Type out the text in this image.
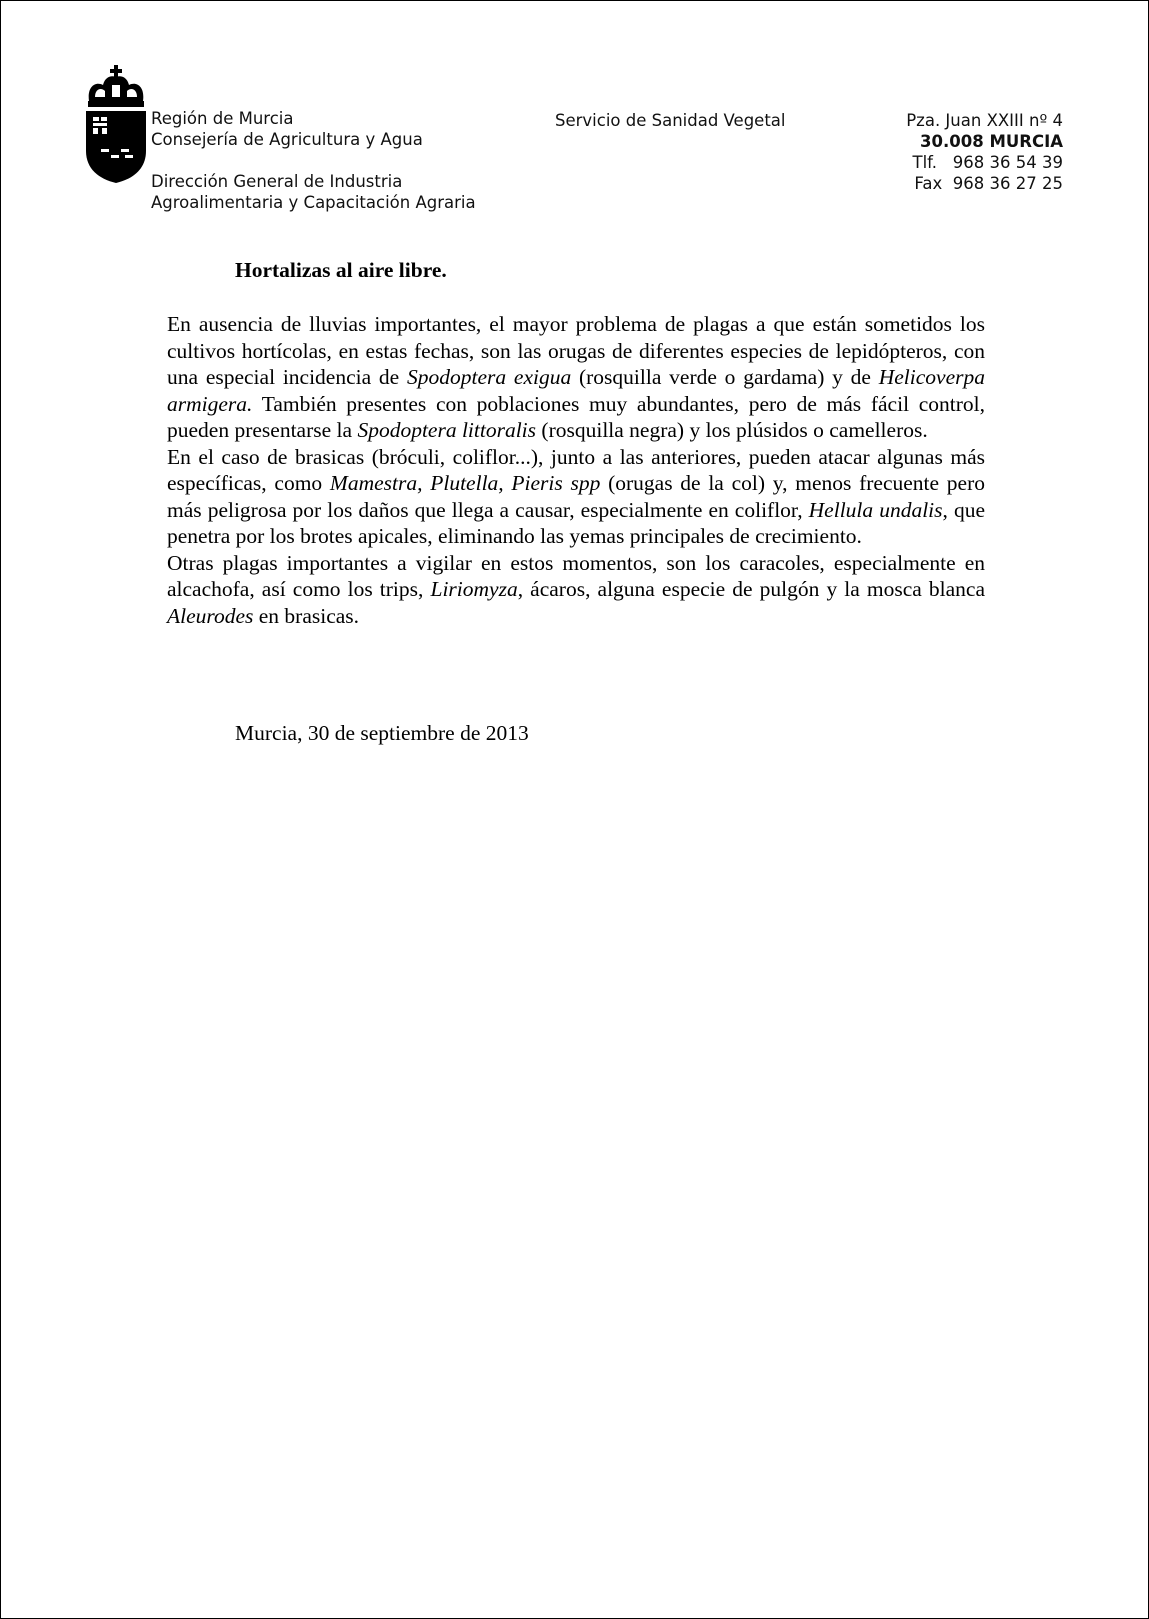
Región de Murcia
Consejería de Agricultura y Agua
Dirección General de Industria
Agroalimentaria y Capacitación Agraria
Servicio de Sanidad Vegetal	Pza. Juan XXIII nº 4
30.008 MURCIA
Tlf. 968 36 54 39
Fax 968 36 27 25
Hortalizas al aire libre.

En ausencia de lluvias importantes, el mayor problema de plagas a que están sometidos los cultivos hortícolas, en estas fechas, son las orugas de diferentes especies de lepidópteros, con una especial incidencia de Spodoptera exigua (rosquilla verde o gardama) y de Helicoverpa armigera. También presentes con poblaciones muy abundantes, pero de más fácil control, pueden presentarse la Spodoptera littoralis (rosquilla negra) y los plúsidos o camelleros.

En el caso de brasicas (bróculi, coliflor...), junto a las anteriores, pueden atacar algunas más específicas, como Mamestra, Plutella, Pieris spp (orugas de la col) y, menos frecuente pero más peligrosa por los daños que llega a causar, especialmente en coliflor, Hellula undalis, que penetra por los brotes apicales, eliminando las yemas principales de crecimiento.

Otras plagas importantes a vigilar en estos momentos, son los caracoles, especialmente en alcachofa, así como los trips, Liriomyza, ácaros, alguna especie de pulgón y la mosca blanca Aleurodes en brasicas.

Murcia, 30 de septiembre de 2013
